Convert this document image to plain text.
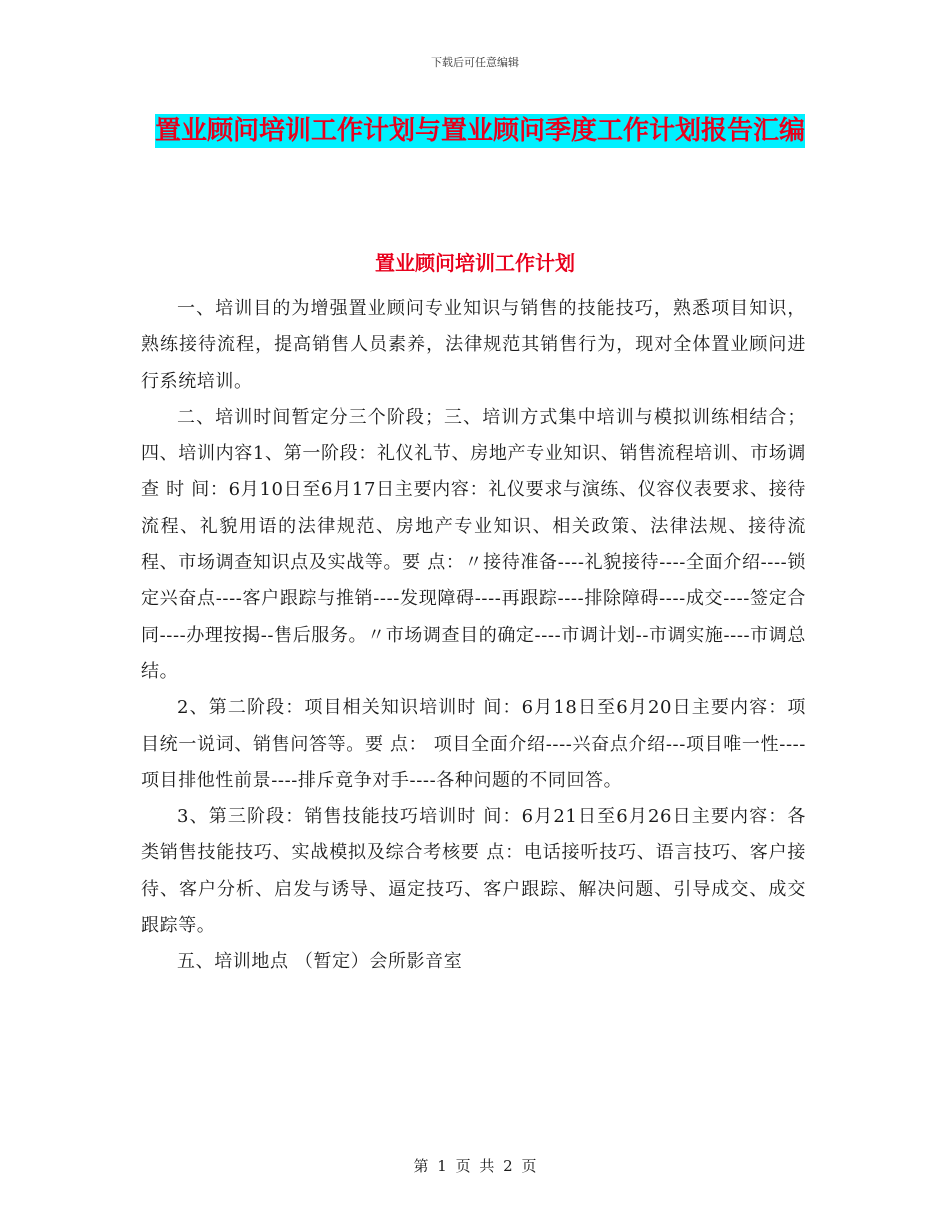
下载后可任意编辑
置业顾问培训工作计划与置业顾问季度工作计划报告汇编
置业顾问培训工作计划

一、培训目的为增强置业顾问专业知识与销售的技能技巧，熟悉项目知识，熟练接待流程，提高销售人员素养，法律规范其销售行为，现对全体置业顾问进行系统培训。

二、培训时间暂定分三个阶段；三、培训方式集中培训与模拟训练相结合；四、培训内容1、第一阶段：礼仪礼节、房地产专业知识、销售流程培训、市场调查 时 间：6月10日至6月17日主要内容：礼仪要求与演练、仪容仪表要求、接待流程、礼貌用语的法律规范、房地产专业知识、相关政策、法律法规、接待流程、市场调查知识点及实战等。要 点：〃接待准备----礼貌接待----全面介绍----锁定兴奋点----客户跟踪与推销----发现障碍----再跟踪----排除障碍----成交----签定合同----办理按揭--售后服务。〃市场调查目的确定----市调计划--市调实施----市调总结。

2、第二阶段：项目相关知识培训时 间：6月18日至6月20日主要内容：项目统一说词、销售问答等。要 点： 项目全面介绍----兴奋点介绍---项目唯一性----项目排他性前景----排斥竟争对手----各种问题的不同回答。

3、第三阶段：销售技能技巧培训时 间：6月21日至6月26日主要内容：各类销售技能技巧、实战模拟及综合考核要 点：电话接听技巧、语言技巧、客户接待、客户分析、启发与诱导、逼定技巧、客户跟踪、解决问题、引导成交、成交跟踪等。

五、培训地点 （暂定）会所影音室

第 1 页 共 2 页
